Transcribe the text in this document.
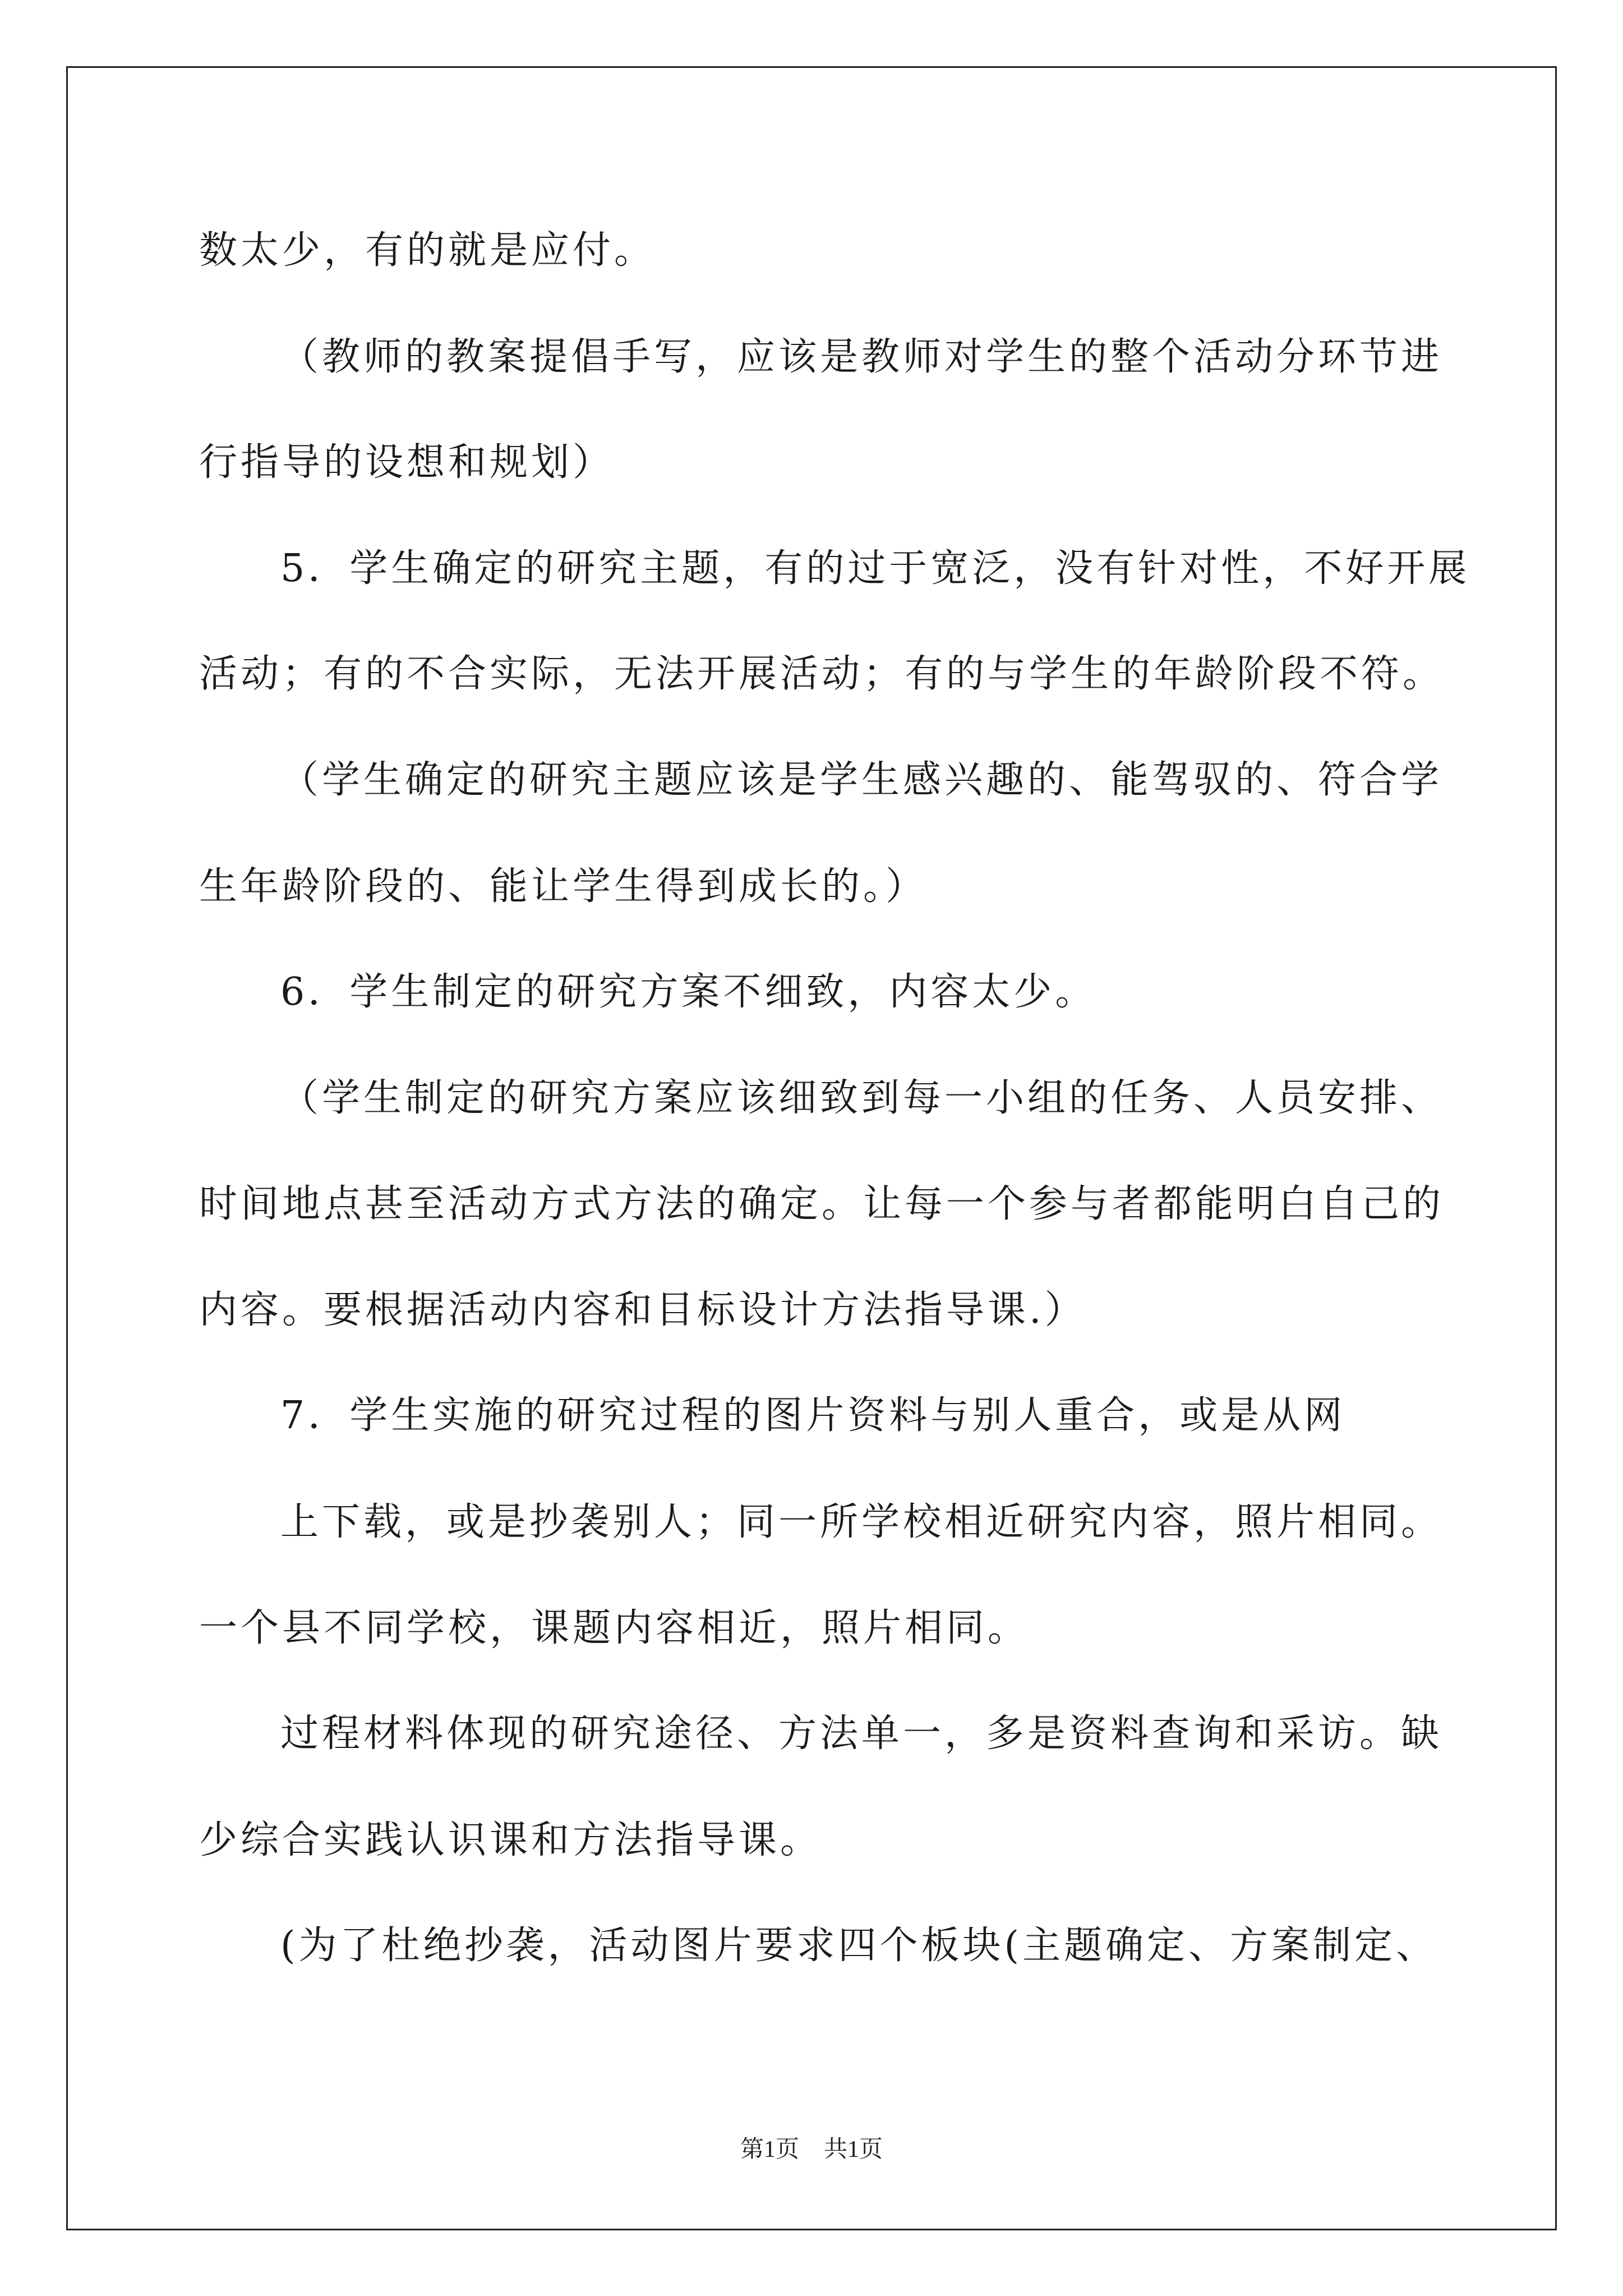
数太少，有的就是应付。
（教师的教案提倡手写，应该是教师对学生的整个活动分环节进
行指导的设想和规划）
5．学生确定的研究主题，有的过于宽泛，没有针对性，不好开展
活动；有的不合实际，无法开展活动；有的与学生的年龄阶段不符。
（学生确定的研究主题应该是学生感兴趣的、能驾驭的、符合学
生年龄阶段的、能让学生得到成长的。）
6．学生制定的研究方案不细致，内容太少。
（学生制定的研究方案应该细致到每一小组的任务、人员安排、
时间地点甚至活动方式方法的确定。让每一个参与者都能明白自己的
内容。要根据活动内容和目标设计方法指导课.）
7．学生实施的研究过程的图片资料与别人重合，或是从网
上下载，或是抄袭别人；同一所学校相近研究内容，照片相同。
一个县不同学校，课题内容相近，照片相同。
过程材料体现的研究途径、方法单一，多是资料查询和采访。缺
少综合实践认识课和方法指导课。
(为了杜绝抄袭，活动图片要求四个板块(主题确定、方案制定、
第1页 共1页
